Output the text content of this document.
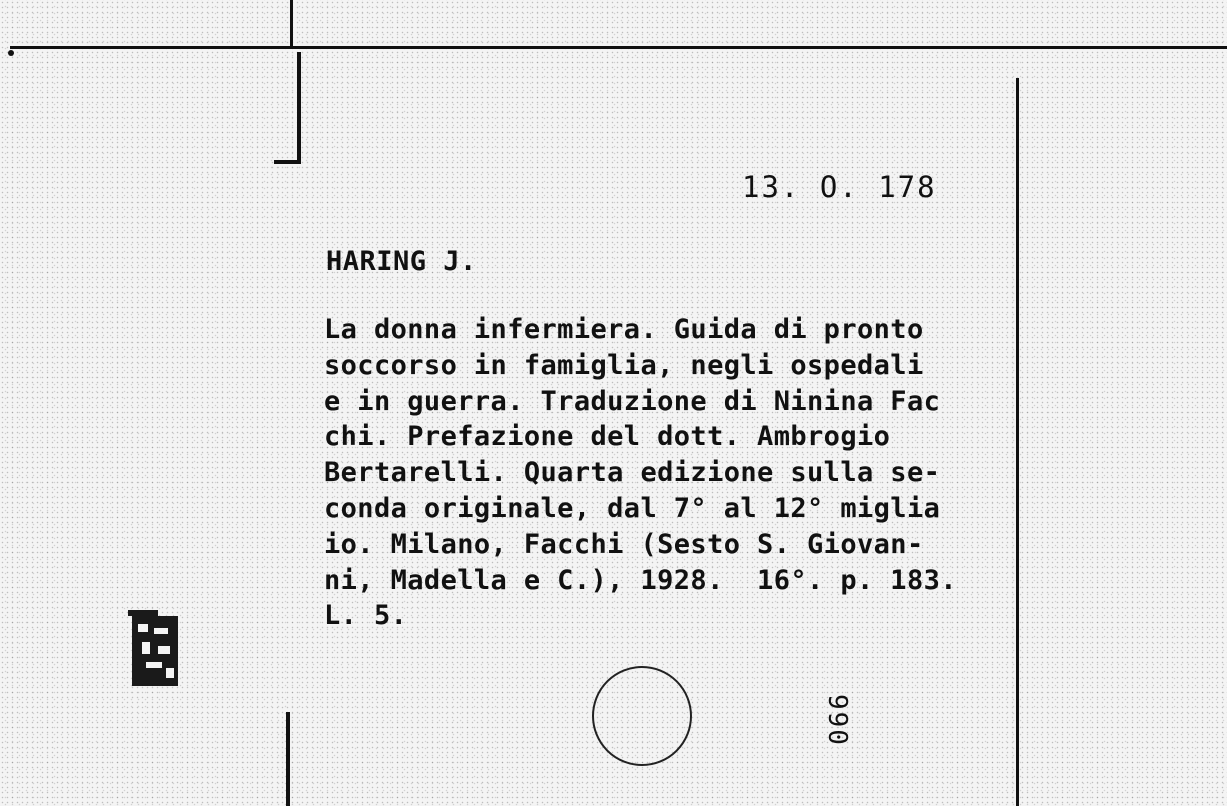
13. O. 178
HARING J.
La donna infermiera. Guida di pronto
soccorso in famiglia, negli ospedali
e in guerra. Traduzione di Ninina Fac
chi. Prefazione del dott. Ambrogio
Bertarelli. Quarta edizione sulla se-
conda originale, dal 7° al 12° miglia
io. Milano, Facchi (Sesto S. Giovan-
ni, Madella e C.), 1928.  16°. p. 183.
L. 5.
990
